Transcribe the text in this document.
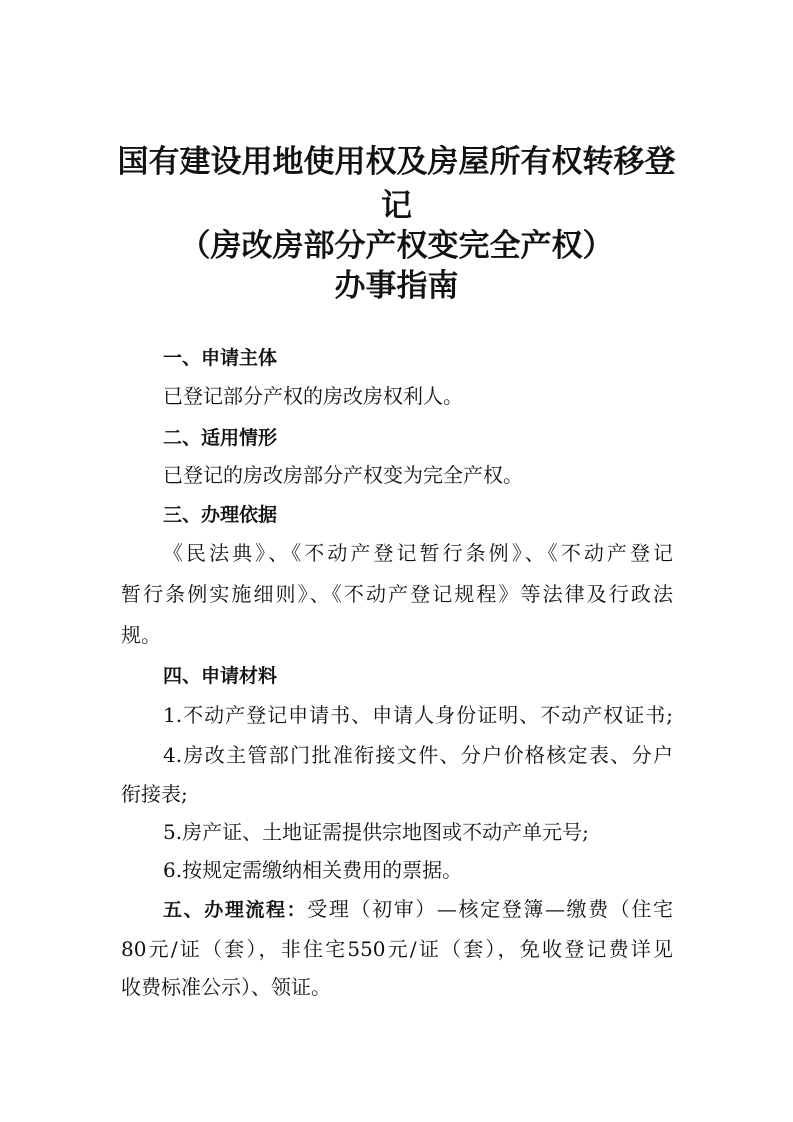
国有建设用地使用权及房屋所有权转移登
记
（房改房部分产权变完全产权）
办事指南
一、申请主体
已登记部分产权的房改房权利人。
二、适用情形
已登记的房改房部分产权变为完全产权。
三、办理依据
《民法典》、《不动产登记暂行条例》、《不动产登记
暂行条例实施细则》、《不动产登记规程》等法律及行政法
规。
四、申请材料
1.不动产登记申请书、申请人身份证明、不动产权证书;
4.房改主管部门批准衔接文件、分户价格核定表、分户
衔接表;
5.房产证、土地证需提供宗地图或不动产单元号;
6.按规定需缴纳相关费用的票据。
五、办理流程：受理（初审）—核定登簿—缴费（住宅
80元/证（套），非住宅550元/证（套），免收登记费详见
收费标准公示）、领证。
